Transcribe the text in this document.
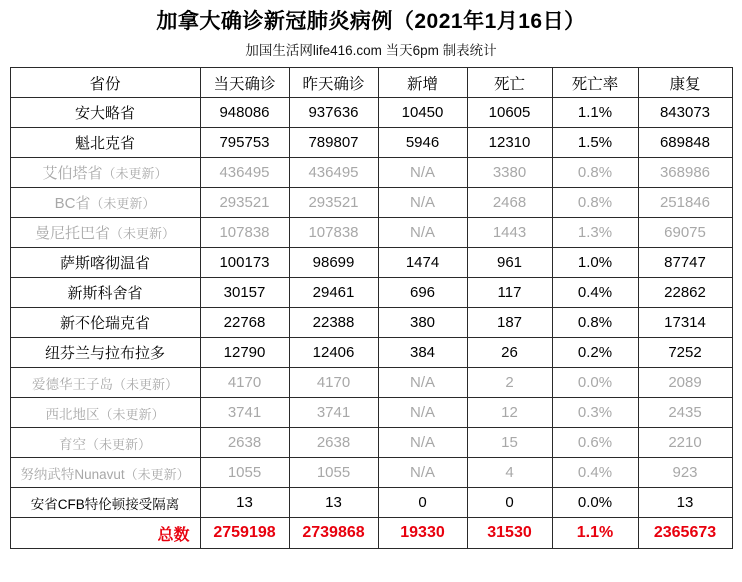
加拿大确诊新冠肺炎病例（2021年1月16日）
加国生活网life416.com 当天6pm 制表统计
省份	当天确诊	昨天确诊	新增	死亡	死亡率	康复
安大略省	948086	937636	10450	10605	1.1%	843073
魁北克省	795753	789807	5946	12310	1.5%	689848
艾伯塔省（未更新）	436495	436495	N/A	3380	0.8%	368986
BC省（未更新）	293521	293521	N/A	2468	0.8%	251846
曼尼托巴省（未更新）	107838	107838	N/A	1443	1.3%	69075
萨斯喀彻温省	100173	98699	1474	961	1.0%	87747
新斯科舍省	30157	29461	696	117	0.4%	22862
新不伦瑞克省	22768	22388	380	187	0.8%	17314
纽芬兰与拉布拉多	12790	12406	384	26	0.2%	7252
爱德华王子岛（未更新）	4170	4170	N/A	2	0.0%	2089
西北地区（未更新）	3741	3741	N/A	12	0.3%	2435
育空（未更新）	2638	2638	N/A	15	0.6%	2210
努纳武特Nunavut（未更新）	1055	1055	N/A	4	0.4%	923
安省CFB特伦顿接受隔离	13	13	0	0	0.0%	13
总数	2759198	2739868	19330	31530	1.1%	2365673
